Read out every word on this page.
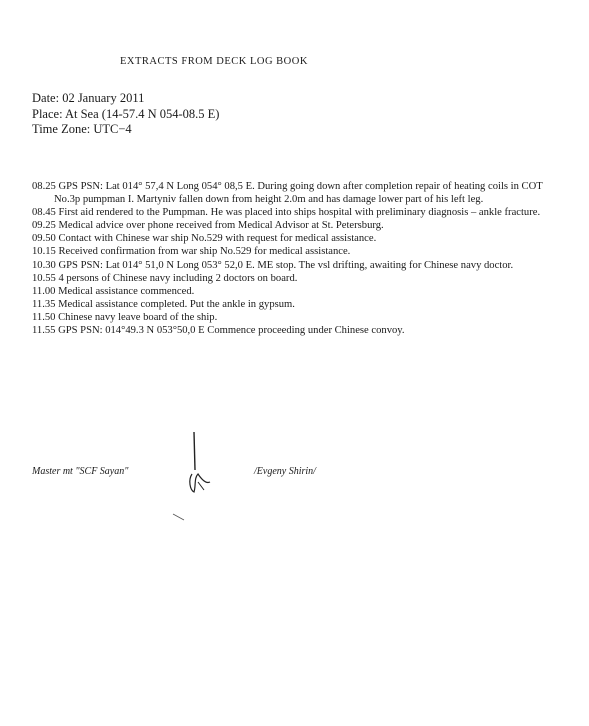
EXTRACTS FROM DECK LOG BOOK
Date: 02 January 2011
Place: At Sea (14-57.4 N 054-08.5 E)
Time Zone: UTC−4
08.25 GPS PSN: Lat 014° 57,4 N Long 054° 08,5 E. During going down after completion repair of heating coils in COT No.3p pumpman I. Martyniv fallen down from height 2.0m and has damage lower part of his left leg.
08.45 First aid rendered to the Pumpman. He was placed into ships hospital with preliminary diagnosis – ankle fracture.
09.25 Medical advice over phone received from Medical Advisor at St. Petersburg.
09.50 Contact with Chinese war ship No.529 with request for medical assistance.
10.15 Received confirmation from war ship No.529 for medical assistance.
10.30 GPS PSN: Lat 014° 51,0 N Long 053° 52,0 E. ME stop. The vsl drifting, awaiting for Chinese navy doctor.
10.55 4 persons of Chinese navy including 2 doctors on board.
11.00 Medical assistance commenced.
11.35 Medical assistance completed. Put the ankle in gypsum.
11.50 Chinese navy leave board of the ship.
11.55 GPS PSN: 014°49.3 N 053°50,0 E Commence proceeding under Chinese convoy.
Master mt "SCF Sayan"	/Evgeny Shirin/
